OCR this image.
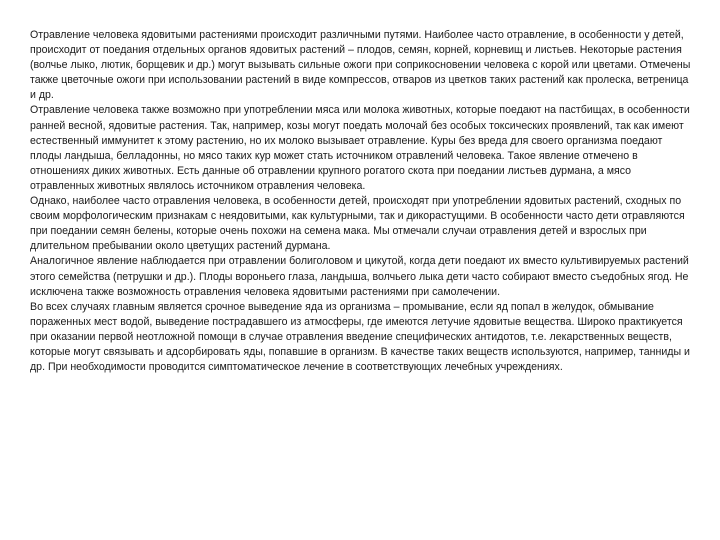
Отравление человека ядовитыми растениями происходит различными путями. Наиболее часто отравление, в особенности у детей, происходит от поедания отдельных органов ядовитых растений – плодов, семян, корней, корневищ и листьев. Некоторые растения (волчье лыко, лютик, борщевик и др.) могут вызывать сильные ожоги при соприкосновении человека с корой или цветами. Отмечены также цветочные ожоги при использовании растений в виде компрессов, отваров из цветков таких растений как пролеска, ветреница и др.

Отравление человека также возможно при употреблении мяса или молока животных, которые поедают на пастбищах, в особенности ранней весной, ядовитые растения. Так, например, козы могут поедать молочай без особых токсических проявлений, так как имеют естественный иммунитет к этому растению, но их молоко вызывает отравление. Куры без вреда для своего организма поедают плоды ландыша, белладонны, но мясо таких кур может стать источником отравлений человека. Такое явление отмечено в отношениях диких животных. Есть данные об отравлении крупного рогатого скота при поедании листьев дурмана, а мясо отравленных животных являлось источником отравления человека.

Однако, наиболее часто отравления человека, в особенности детей, происходят при употреблении ядовитых растений, сходных по своим морфологическим признакам с неядовитыми, как культурными, так и дикорастущими. В особенности часто дети отравляются при поедании семян белены, которые очень похожи на семена мака. Мы отмечали случаи отравления детей и взрослых при длительном пребывании около цветущих растений дурмана.

Аналогичное явление наблюдается при отравлении болиголовом и цикутой, когда дети поедают их вместо культивируемых растений этого семейства (петрушки и др.). Плоды вороньего глаза, ландыша, волчьего лыка дети часто собирают вместо съедобных ягод. Не исключена также возможность отравления человека ядовитыми растениями при самолечении.

Во всех случаях главным является срочное выведение яда из организма – промывание, если яд попал в желудок, обмывание пораженных мест водой, выведение пострадавшего из атмосферы, где имеются летучие ядовитые вещества. Широко практикуется при оказании первой неотложной помощи в случае отравления введение специфических антидотов, т.е. лекарственных веществ, которые могут связывать и адсорбировать яды, попавшие в организм. В качестве таких веществ используются, например, танниды и др. При необходимости проводится симптоматическое лечение в соответствующих лечебных учреждениях.
